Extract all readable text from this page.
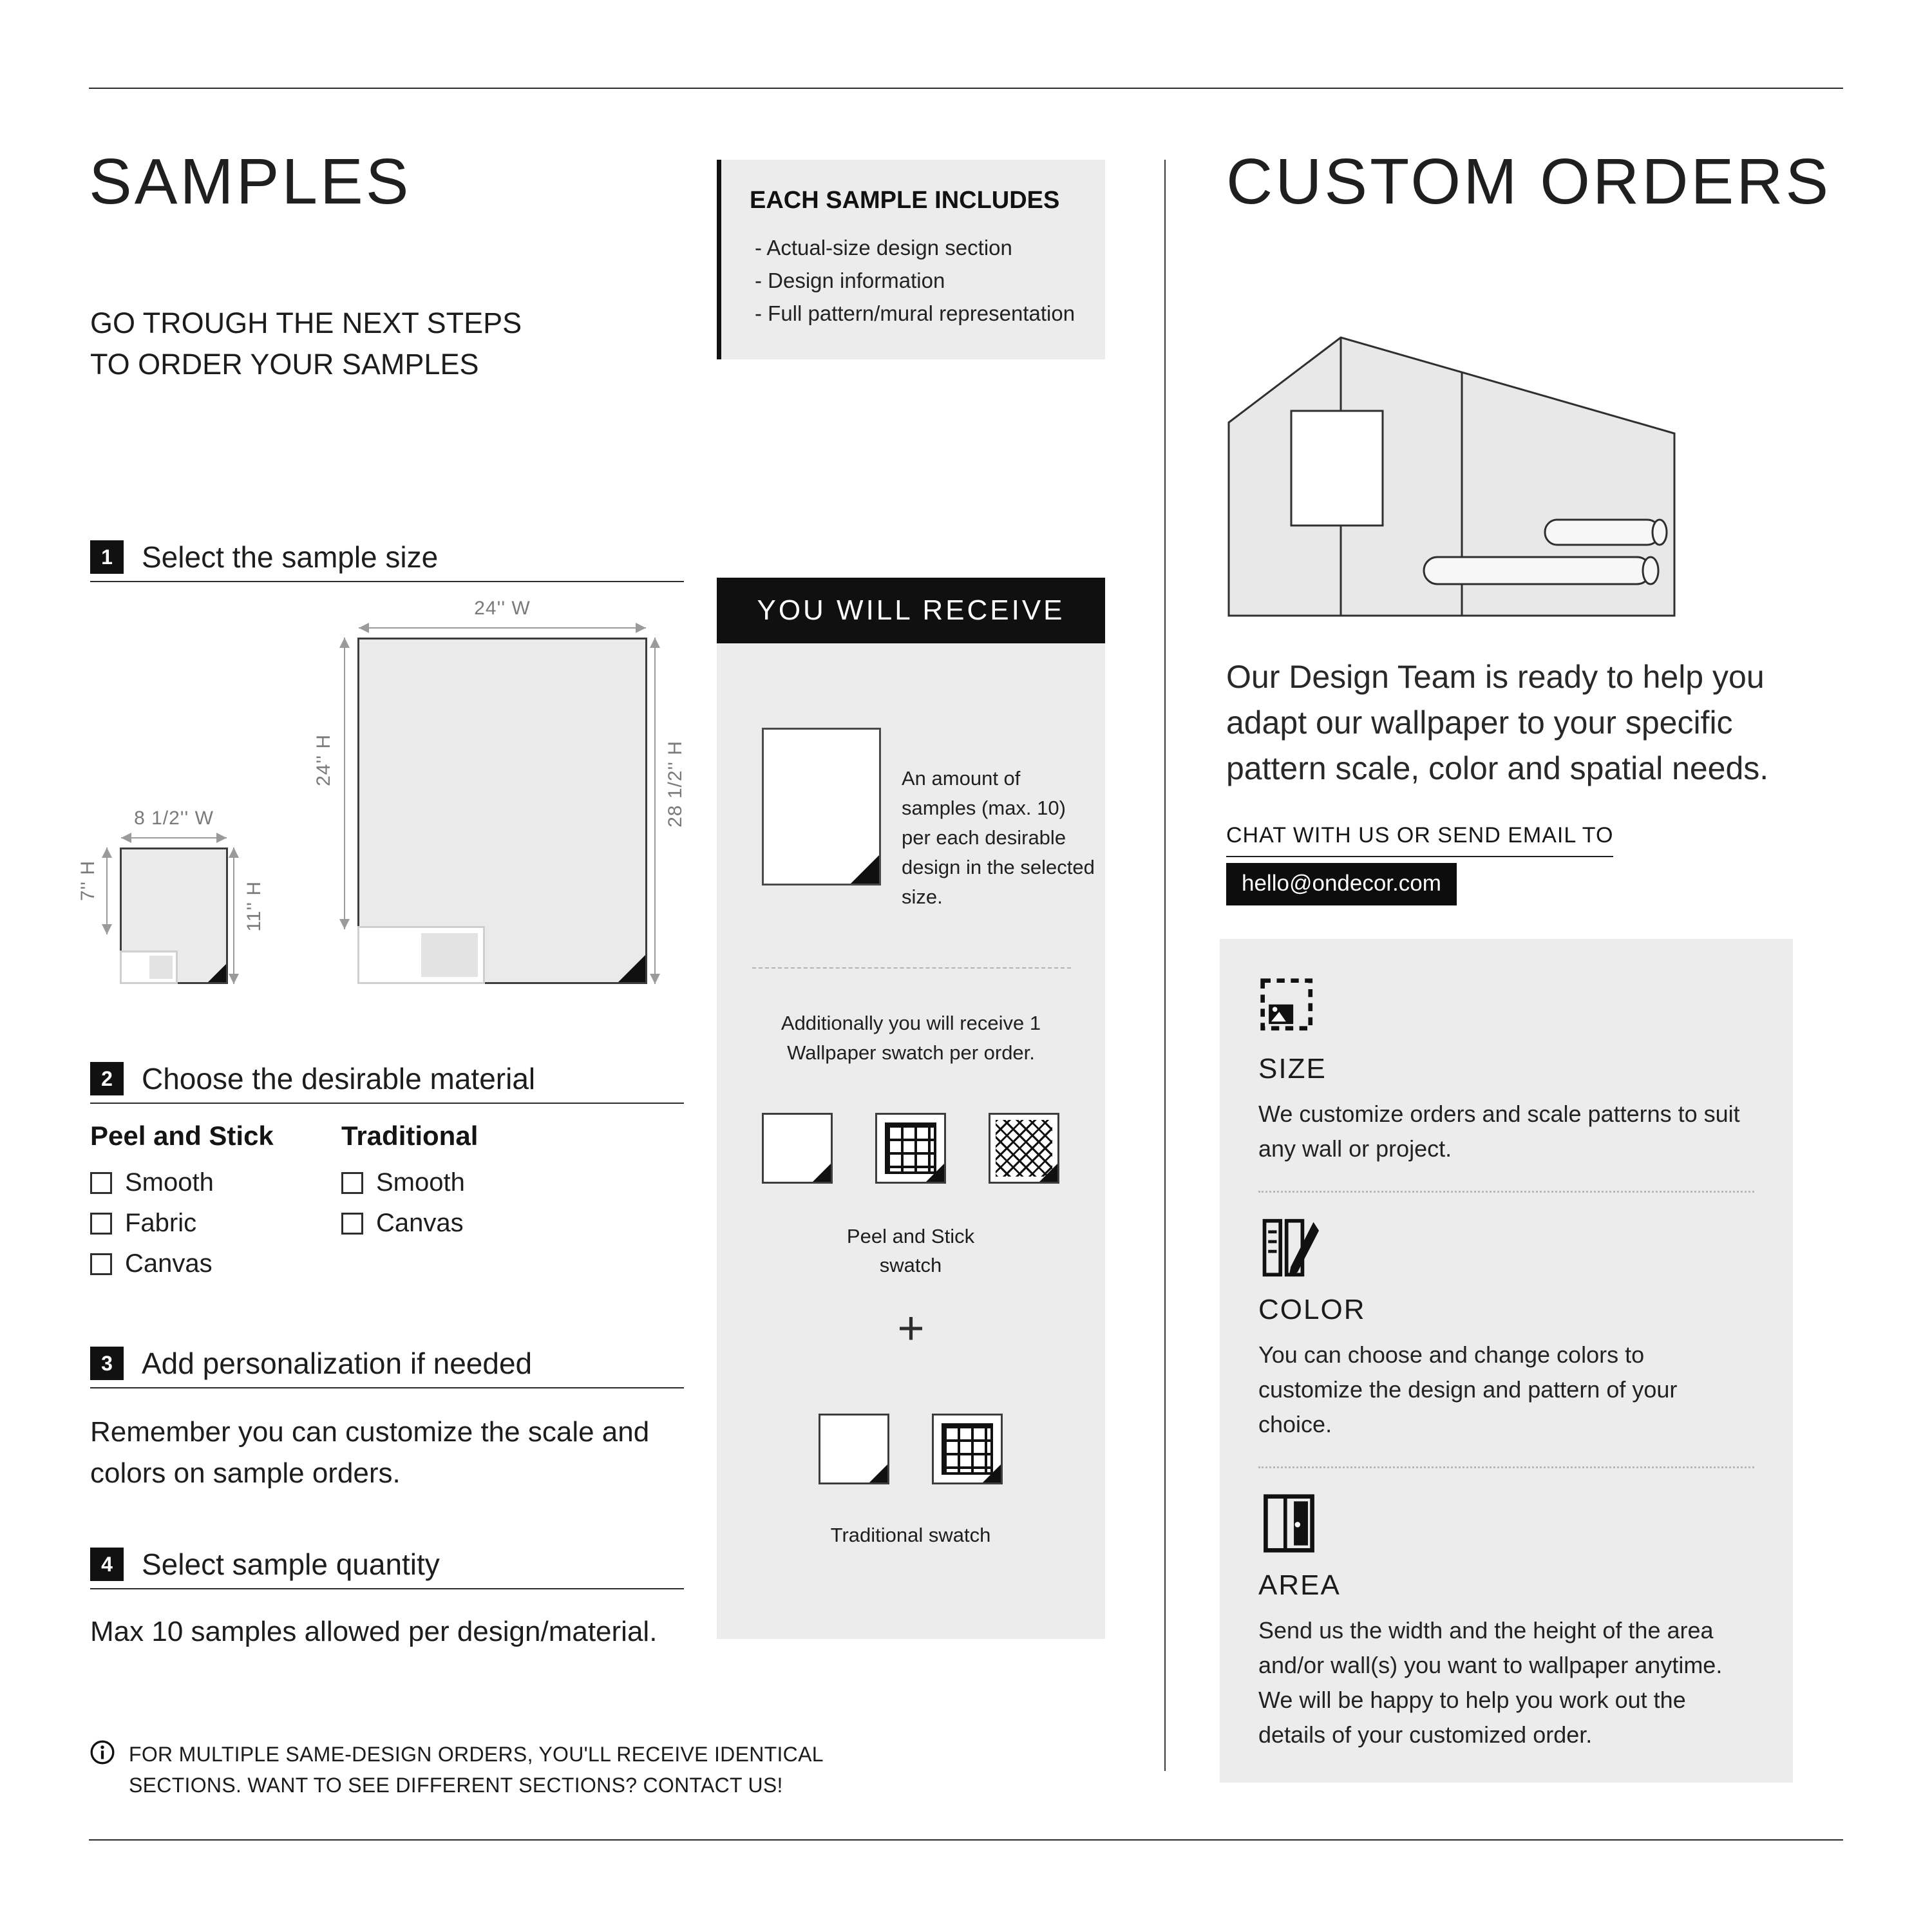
SAMPLES
GO TROUGH THE NEXT STEPS TO ORDER YOUR SAMPLES
1 Select the sample size
24'' W
24'' H	28 1/2'' H
8 1/2'' W
7'' H
11'' H
2 Choose the desirable material
Peel and Stick
Smooth
Fabric
Canvas
Traditional
Smooth
Canvas
3 Add personalization if needed
Remember you can customize the scale and colors on sample orders.
4 Select sample quantity
Max 10 samples allowed per design/material.
FOR MULTIPLE SAME-DESIGN ORDERS, YOU'LL RECEIVE IDENTICAL SECTIONS. WANT TO SEE DIFFERENT SECTIONS? CONTACT US!
EACH SAMPLE INCLUDES
- Actual-size design section
- Design information
- Full pattern/mural representation
YOU WILL RECEIVE
An amount of samples (max. 10) per each desirable design in the selected size.
Additionally you will receive 1 Wallpaper swatch per order.
Peel and Stick swatch
+
Traditional swatch
CUSTOM ORDERS
Our Design Team is ready to help you adapt our wallpaper to your specific pattern scale, color and spatial needs.
CHAT WITH US OR SEND EMAIL TO
hello@ondecor.com
SIZE
We customize orders and scale patterns to suit any wall or project.
COLOR
You can choose and change colors to customize the design and pattern of your choice.
AREA
Send us the width and the height of the area and/or wall(s) you want to wallpaper anytime. We will be happy to help you work out the details of your customized order.
